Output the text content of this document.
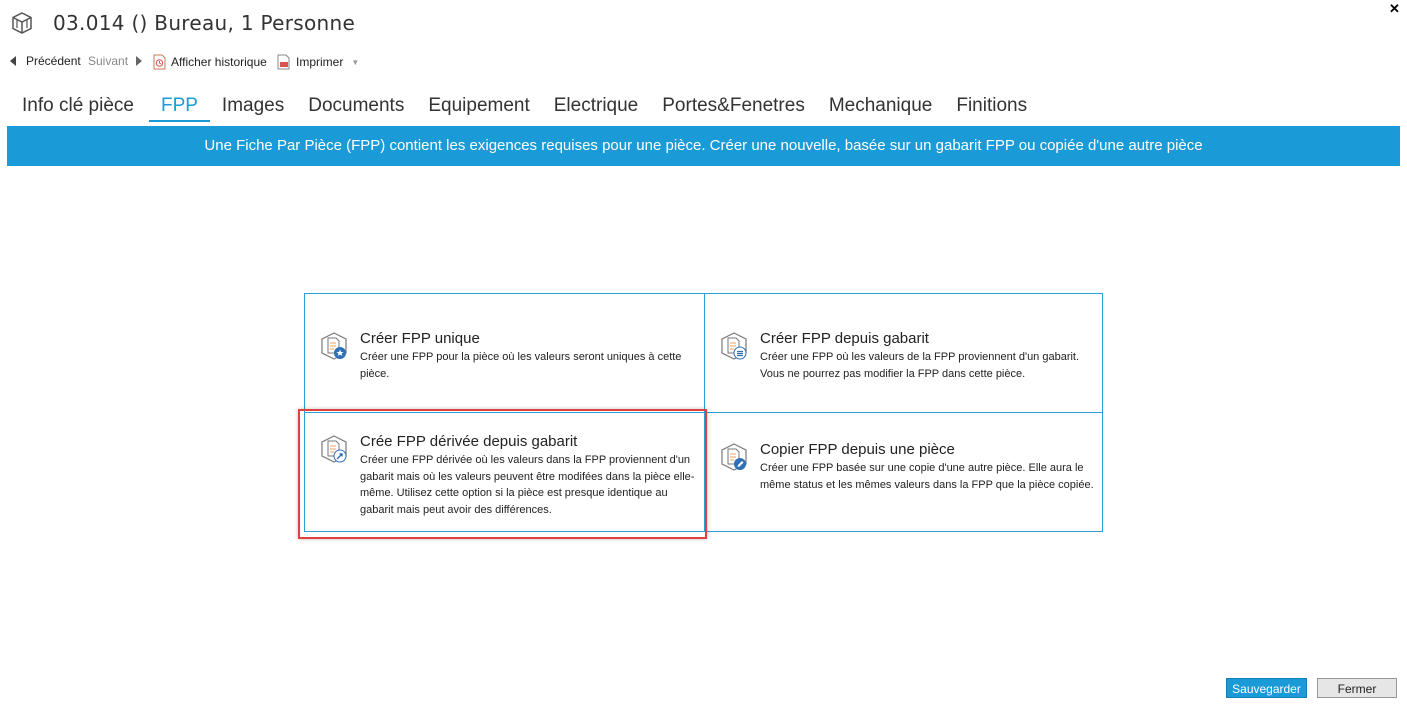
03.014 () Bureau, 1 Personne
✕
Précédent Suivant	Afficher historique Imprimer ▼
Info clé pièce	FPP	Images	Documents	Equipement	Electrique	Portes&Fenetres	Mechanique	Finitions
Une Fiche Par Pièce (FPP) contient les exigences requises pour une pièce. Créer une nouvelle, basée sur un gabarit FPP ou copiée d'une autre pièce
Créer FPP unique
Créer une FPP pour la pièce où les valeurs seront uniques à cette pièce.
Créer FPP depuis gabarit
Créer une FPP où les valeurs de la FPP proviennent d'un gabarit. Vous ne pourrez pas modifier la FPP dans cette pièce.
Crée FPP dérivée depuis gabarit
Créer une FPP dérivée où les valeurs dans la FPP proviennent d'un gabarit mais où les valeurs peuvent être modifées dans la pièce elle-même. Utilisez cette option si la pièce est presque identique au gabarit mais peut avoir des différences.
Copier FPP depuis une pièce
Créer une FPP basée sur une copie d'une autre pièce. Elle aura le même status et les mêmes valeurs dans la FPP que la pièce copiée.
Sauvegarder	Fermer
